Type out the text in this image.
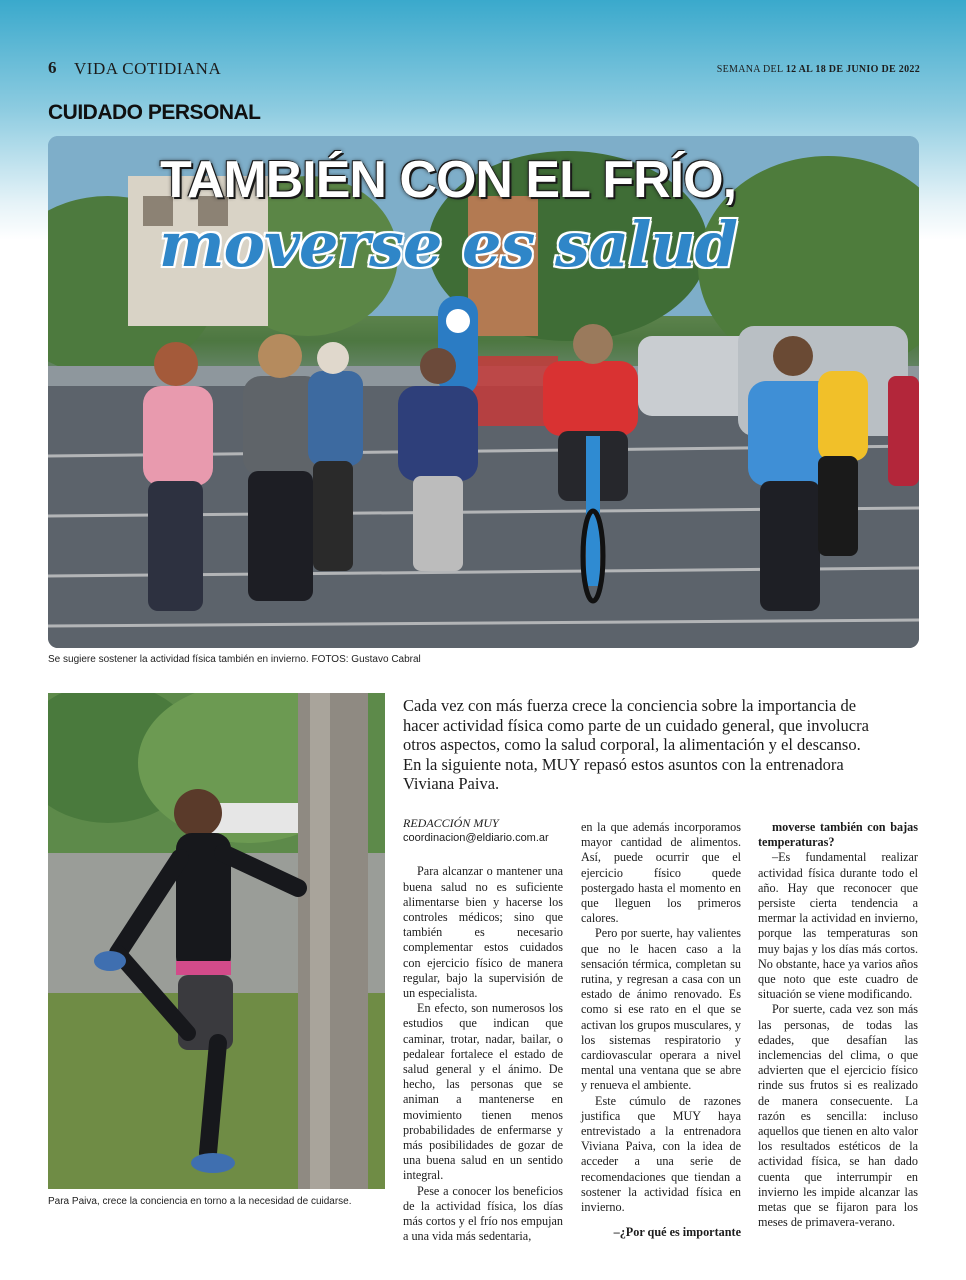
6 VIDA COTIDIANA	SEMANA DEL 12 AL 18 DE JUNIO DE 2022
CUIDADO PERSONAL
TAMBIÉN CON EL FRÍO,
moverse es salud
Se sugiere sostener la actividad física también en invierno. FOTOS: Gustavo Cabral
Para Paiva, crece la conciencia en torno a la necesidad de cuidarse.
Cada vez con más fuerza crece la conciencia sobre la importancia de hacer actividad física como parte de un cuidado general, que involucra otros aspectos, como la salud corporal, la alimentación y el descanso. En la siguiente nota, MUY repasó estos asuntos con la entrenadora Viviana Paiva.
REDACCIÓN MUY
coordinacion@eldiario.com.ar

Para alcanzar o mantener una buena salud no es suficiente alimentarse bien y hacerse los controles médicos; sino que también es necesario complementar estos cuidados con ejercicio físico de manera regular, bajo la supervisión de un especialista.

En efecto, son numerosos los estudios que indican que caminar, trotar, nadar, bailar, o pedalear fortalece el estado de salud general y el ánimo. De hecho, las personas que se animan a mantenerse en movimiento tienen menos probabilidades de enfermarse y más posibilidades de gozar de una buena salud en un sentido integral.

Pese a conocer los beneficios de la actividad física, los días más cortos y el frío nos empujan a una vida más sedentaria,

en la que además incorporamos mayor cantidad de alimentos. Así, puede ocurrir que el ejercicio físico quede postergado hasta el momento en que lleguen los primeros calores.

Pero por suerte, hay valientes que no le hacen caso a la sensación térmica, completan su rutina, y regresan a casa con un estado de ánimo renovado. Es como si ese rato en el que se activan los grupos musculares, y los sistemas respiratorio y cardiovascular operara a nivel mental una ventana que se abre y renueva el ambiente.

Este cúmulo de razones justifica que MUY haya entrevistado a la entrenadora Viviana Paiva, con la idea de acceder a una serie de recomendaciones que tiendan a sostener la actividad física en invierno.

–¿Por qué es importante

moverse también con bajas temperaturas?

–Es fundamental realizar actividad física durante todo el año. Hay que reconocer que persiste cierta tendencia a mermar la actividad en invierno, porque las temperaturas son muy bajas y los días más cortos. No obstante, hace ya varios años que noto que este cuadro de situación se viene modificando.

Por suerte, cada vez son más las personas, de todas las edades, que desafían las inclemencias del clima, o que advierten que el ejercicio físico rinde sus frutos si es realizado de manera consecuente. La razón es sencilla: incluso aquellos que tienen en alto valor los resultados estéticos de la actividad física, se han dado cuenta que interrumpir en invierno les impide alcanzar las metas que se fijaron para los meses de primavera-verano.
